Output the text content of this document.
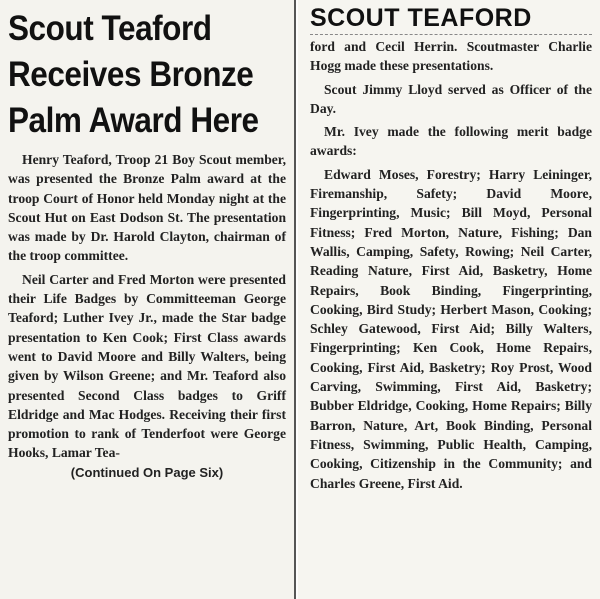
Scout Teaford
Receives Bronze
Palm Award Here

Henry Teaford, Troop 21 Boy Scout member, was presented the Bronze Palm award at the troop Court of Honor held Monday night at the Scout Hut on East Dodson St. The presentation was made by Dr. Harold Clayton, chairman of the troop committee.

Neil Carter and Fred Morton were presented their Life Badges by Committeeman George Teaford; Luther Ivey Jr., made the Star badge presentation to Ken Cook; First Class awards went to David Moore and Billy Walters, being given by Wilson Greene; and Mr. Teaford also presented Second Class badges to Griff Eldridge and Mac Hodges. Receiving their first promotion to rank of Tenderfoot were George Hooks, Lamar Tea-

(Continued On Page Six)
SCOUT TEAFORD

ford and Cecil Herrin. Scoutmaster Charlie Hogg made these presentations.

Scout Jimmy Lloyd served as Officer of the Day.

Mr. Ivey made the following merit badge awards:

Edward Moses, Forestry; Harry Leininger, Firemanship, Safety; David Moore, Fingerprinting, Music; Bill Moyd, Personal Fitness; Fred Morton, Nature, Fishing; Dan Wallis, Camping, Safety, Rowing; Neil Carter, Reading Nature, First Aid, Basketry, Home Repairs, Book Binding, Fingerprinting, Cooking, Bird Study; Herbert Mason, Cooking; Schley Gatewood, First Aid; Billy Walters, Fingerprinting; Ken Cook, Home Repairs, Cooking, First Aid, Basketry; Roy Prost, Wood Carving, Swimming, First Aid, Basketry; Bubber Eldridge, Cooking, Home Repairs; Billy Barron, Nature, Art, Book Binding, Personal Fitness, Swimming, Public Health, Camping, Cooking, Citizenship in the Community; and Charles Greene, First Aid.
